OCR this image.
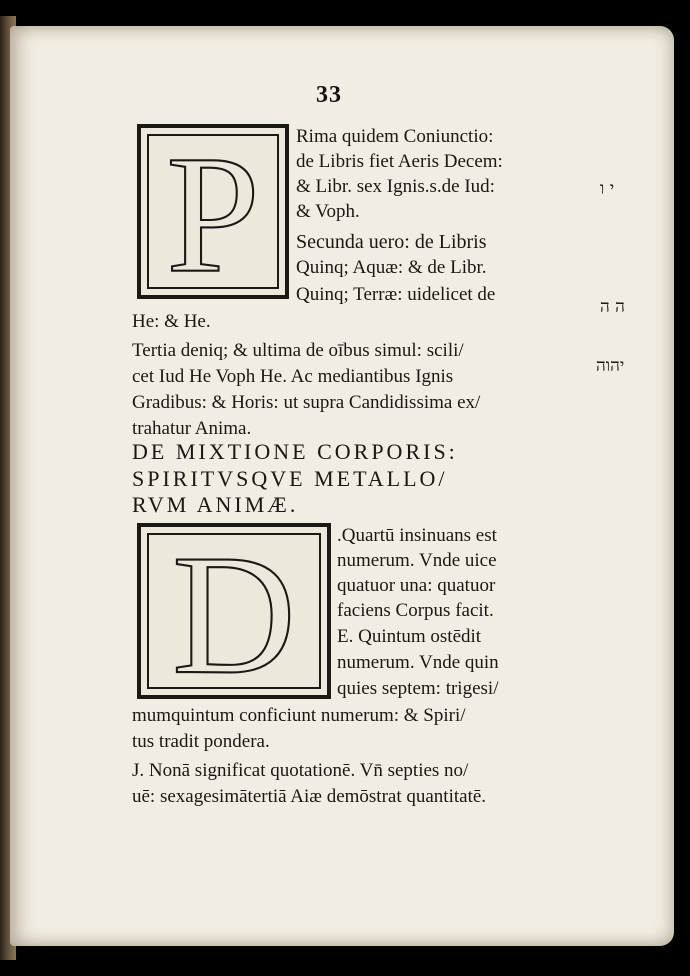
33
P Rima quidem Coniunctio:
de Libris fiet Aeris Decem:
& Libr. sex Ignis.s.de Iud:
& Voph.
Secunda uero: de Libris
Quinq; Aquæ: & de Libr.
Quinq; Terræ: uidelicet de
He: & He.
Tertia deniq; & ultima de oībus simul: scili/
cet Iud He Voph He. Ac mediantibus Ignis
Gradibus: & Horis: ut supra Candidissima ex/
trahatur Anima.
DE MIXTIONE CORPORIS:
SPIRITVSQVE METALLO/
RVM ANIMÆ.
D .Quartū insinuans est
numerum. Vnde uice
quatuor una: quatuor
faciens Corpus facit.
E. Quintum ostēdit
numerum. Vnde quin
quies septem: trigesi/
mumquintum conficiunt numerum: & Spiri/
tus tradit pondera.
J. Nonā significat quotationē. Vn̄ septies no/
uē: sexagesimātertiā Aiæ demōstrat quantitatē.
י ו
ה ה
יהוה
